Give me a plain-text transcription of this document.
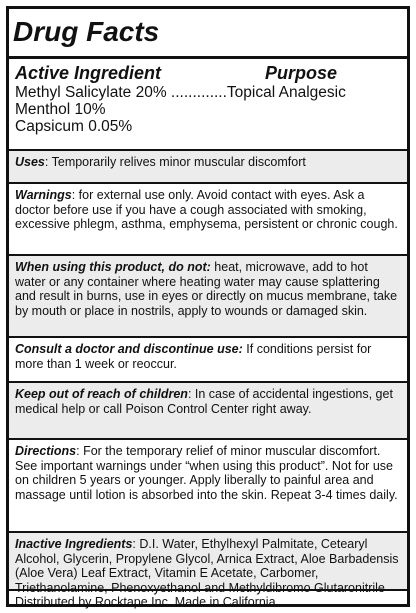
Drug Facts
Active Ingredient	Purpose
Methyl Salicylate 20% .............Topical Analgesic
Menthol 10%
Capsicum 0.05%
Uses: Temporarily relives minor muscular discomfort
Warnings: for external use only. Avoid contact with eyes. Ask a doctor before use if you have a cough associated with smoking, excessive phlegm, asthma, emphysema, persistent or chronic cough.
When using this product, do not: heat, microwave, add to hot water or any container where heating water may cause splattering and result in burns, use in eyes or directly on mucus membrane, take by mouth or place in nostrils, apply to wounds or damaged skin.
Consult a doctor and discontinue use: If conditions persist for more than 1 week or reoccur.
Keep out of reach of children: In case of accidental ingestions, get medical help or call Poison Control Center right away.
Directions: For the temporary relief of minor muscular discomfort. See important warnings under “when using this product”. Not for use on children 5 years or younger. Apply liberally to painful area and massage until lotion is absorbed into the skin. Repeat 3-4 times daily.
Inactive Ingredients: D.I. Water, Ethylhexyl Palmitate, Cetearyl Alcohol, Glycerin, Propylene Glycol, Arnica Extract, Aloe Barbadensis (Aloe Vera) Leaf Extract, Vitamin E Acetate, Carbomer, Triethanolamine, Phenoxyethanol and Methyldibromo Glutaronitrile
Distributed by Rocktape Inc. Made in California.
